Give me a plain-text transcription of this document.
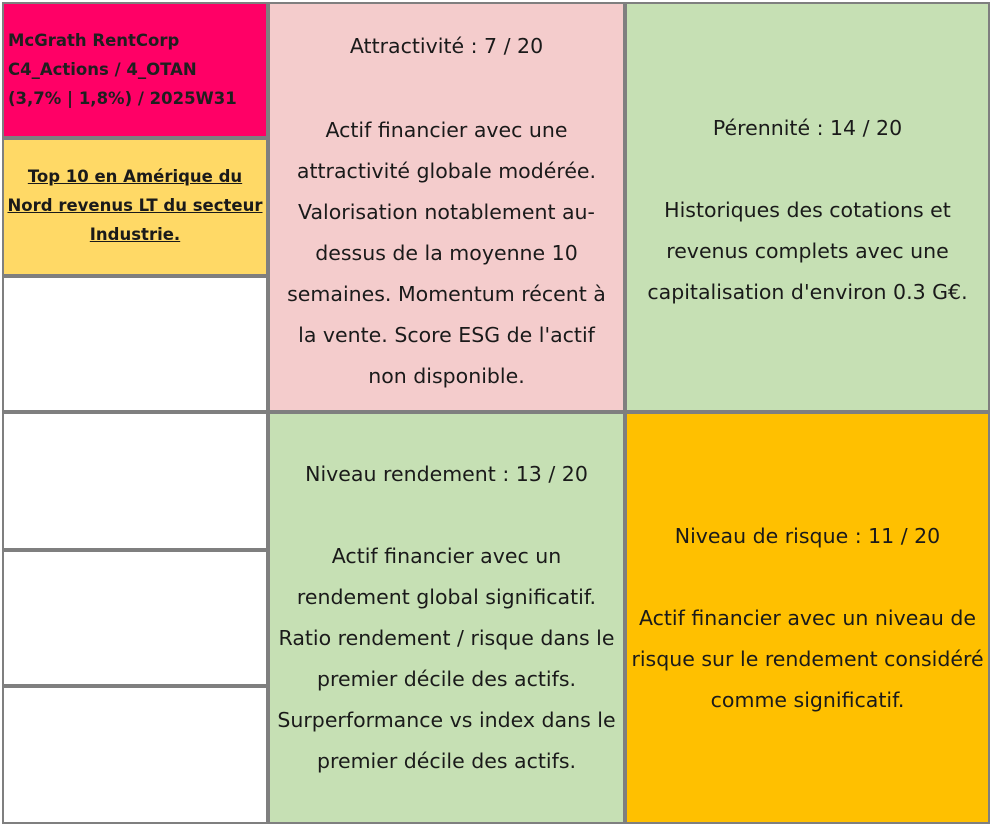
McGrath RentCorp
C4_Actions / 4_OTAN
(3,7% | 1,8%) / 2025W31
Top 10 en Amérique du Nord revenus LT du secteur Industrie.
Attractivité : 7 / 20
Actif financier avec une attractivité globale modérée. Valorisation notablement au-dessus de la moyenne 10 semaines. Momentum récent à la vente. Score ESG de l'actif non disponible.
Pérennité : 14 / 20
Historiques des cotations et revenus complets avec une capitalisation d'environ 0.3 G€.
Niveau rendement : 13 / 20
Actif financier avec un rendement global significatif. Ratio rendement / risque dans le premier décile des actifs. Surperformance vs index dans le premier décile des actifs.
Niveau de risque : 11 / 20
Actif financier avec un niveau de risque sur le rendement considéré comme significatif.
